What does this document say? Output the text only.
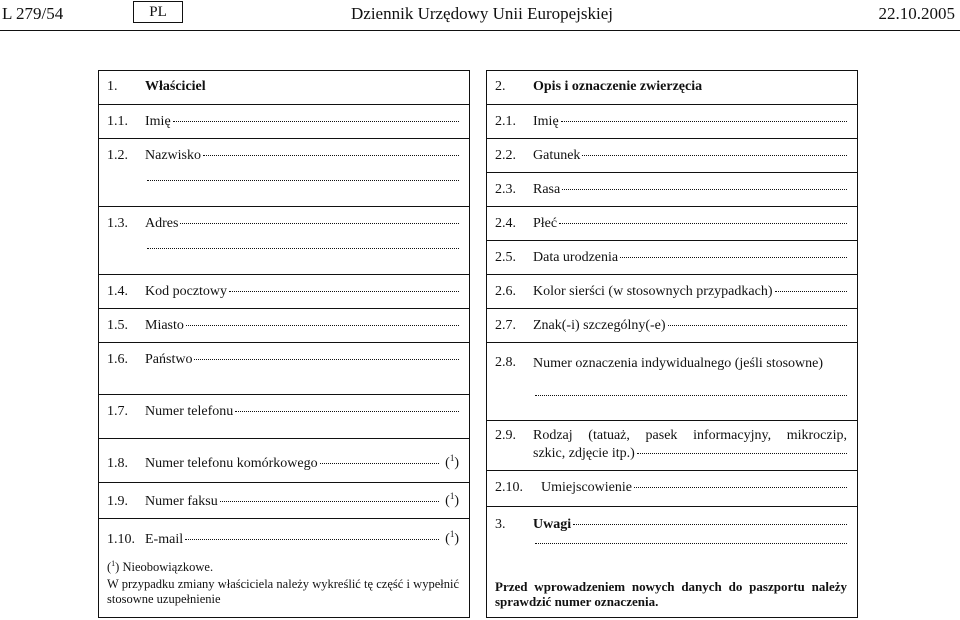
L 279/54	PL	Dziennik Urzędowy Unii Europejskiej	22.10.2005
1.	Właściciel
1.1.	Imię
1.2.	Nazwisko
1.3.	Adres
1.4.	Kod pocztowy
1.5.	Miasto
1.6.	Państwo
1.7.	Numer telefonu
1.8.	Numer telefonu komórkowego	($^1$)
1.9.	Numer faksu	($^1$)
1.10. E-mail	($^1$)
($^1$) Nieobowiązkowe.
W przypadku zmiany właściciela należy wykreślić tę część i wypełnić stosowne uzupełnienie
2.	Opis i oznaczenie zwierzęcia
2.1.	Imię
2.2.	Gatunek
2.3.	Rasa
2.4.	Płeć
2.5.	Data urodzenia
2.6.	Kolor sierści (w stosownych przypadkach)
2.7.	Znak(-i) szczególny(-e)
2.8.	Numer oznaczenia indywidualnego (jeśli stosowne)
2.9.	Rodzaj (tatuaż, pasek informacyjny, mikroczip,
szkic, zdjęcie itp.)
2.10.	Umiejscowienie
3.	Uwagi
Przed wprowadzeniem nowych danych do paszportu należy sprawdzić numer oznaczenia.
